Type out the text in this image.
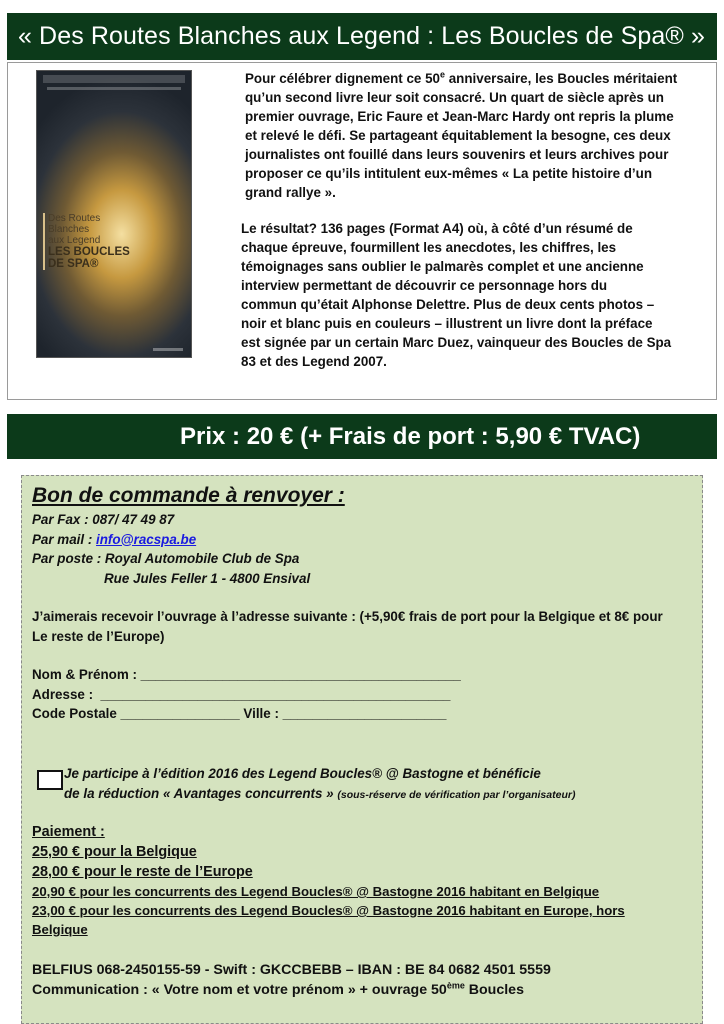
« Des Routes Blanches aux Legend : Les Boucles de Spa® »
Des Routes
Blanches
aux Legend
LES BOUCLES
DE SPA®

Pour célébrer dignement ce 50e anniversaire, les Boucles méritaient
qu’un second livre leur soit consacré. Un quart de siècle après un
premier ouvrage, Eric Faure et Jean-Marc Hardy ont repris la plume
et relevé le défi. Se partageant équitablement la besogne, ces deux
journalistes ont fouillé dans leurs souvenirs et leurs archives pour
proposer ce qu’ils intitulent eux-mêmes « La petite histoire d’un
grand rallye ».

Le résultat? 136 pages (Format A4) où, à côté d’un résumé de
chaque épreuve, fourmillent les anecdotes, les chiffres, les
témoignages sans oublier le palmarès complet et une ancienne
interview permettant de découvrir ce personnage hors du
commun qu’était Alphonse Delettre. Plus de deux cents photos –
noir et blanc puis en couleurs – illustrent un livre dont la préface
est signée par un certain Marc Duez, vainqueur des Boucles de Spa
83 et des Legend 2007.

Prix : 20 € (+ Frais de port : 5,90 € TVAC)

Bon de commande à renvoyer :

Par Fax : 087/ 47 49 87
Par mail : info@racspa.be
Par poste : Royal Automobile Club de Spa
Rue Jules Feller 1 - 4800 Ensival
J’aimerais recevoir l’ouvrage à l’adresse suivante : (+5,90€ frais de port pour la Belgique et 8€ pour
Le reste de l’Europe)
Nom & Prénom : ___________________________________________
Adresse :  _______________________________________________
Code Postale ________________ Ville : ______________________
Je participe à l’édition 2016 des Legend Boucles® @ Bastogne et bénéficie
de la réduction « Avantages concurrents » (sous-réserve de vérification par l’organisateur)
Paiement :
25,90 € pour la Belgique
28,00 € pour le reste de l’Europe
20,90 € pour les concurrents des Legend Boucles® @ Bastogne 2016 habitant en Belgique
23,00 € pour les concurrents des Legend Boucles® @ Bastogne 2016 habitant en Europe, hors
Belgique
BELFIUS 068-2450155-59 - Swift : GKCCBEBB – IBAN : BE 84 0682 4501 5559
Communication : « Votre nom et votre prénom » + ouvrage 50ème Boucles
